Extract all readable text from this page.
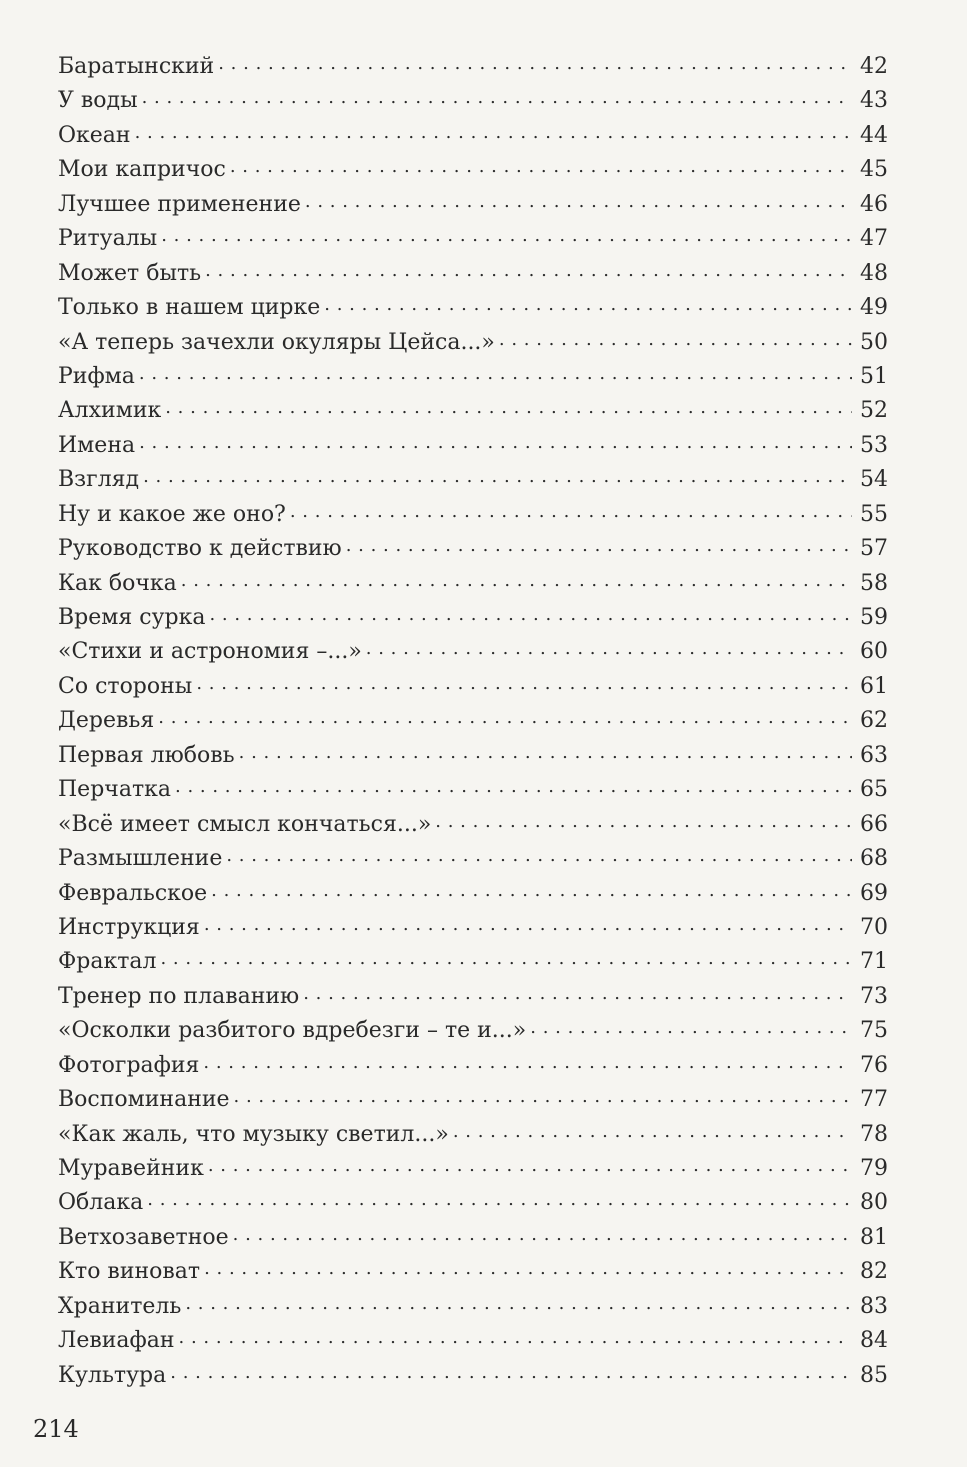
Баратынский . . .	42
У воды . . .	43
Океан . . .	44
Мои капричос . . .	45
Лучшее применение . . .	46
Ритуалы . . .	47
Может быть . . .	48
Только в нашем цирке . . .	49
«А теперь зачехли окуляры Цейса...» . . .	50
Рифма . . .	51
Алхимик . . .	52
Имена . . .	53
Взгляд . . .	54
Ну и какое же оно? . . .	55
Руководство к действию . . .	57
Как бочка . . .	58
Время сурка . . .	59
«Стихи и астрономия –...» . . .	60
Со стороны . . .	61
Деревья . . .	62
Первая любовь . . .	63
Перчатка . . .	65
«Всё имеет смысл кончаться...» . . .	66
Размышление . . .	68
Февральское . . .	69
Инструкция . . .	70
Фрактал . . .	71
Тренер по плаванию . . .	73
«Осколки разбитого вдребезги – те и...» . . .	75
Фотография . . .	76
Воспоминание . . .	77
«Как жаль, что музыку светил...» . . .	78
Муравейник . . .	79
Облака . . .	80
Ветхозаветное . . .	81
Кто виноват . . .	82
Хранитель . . .	83
Левиафан . . .	84
Культура . . .	85
214
